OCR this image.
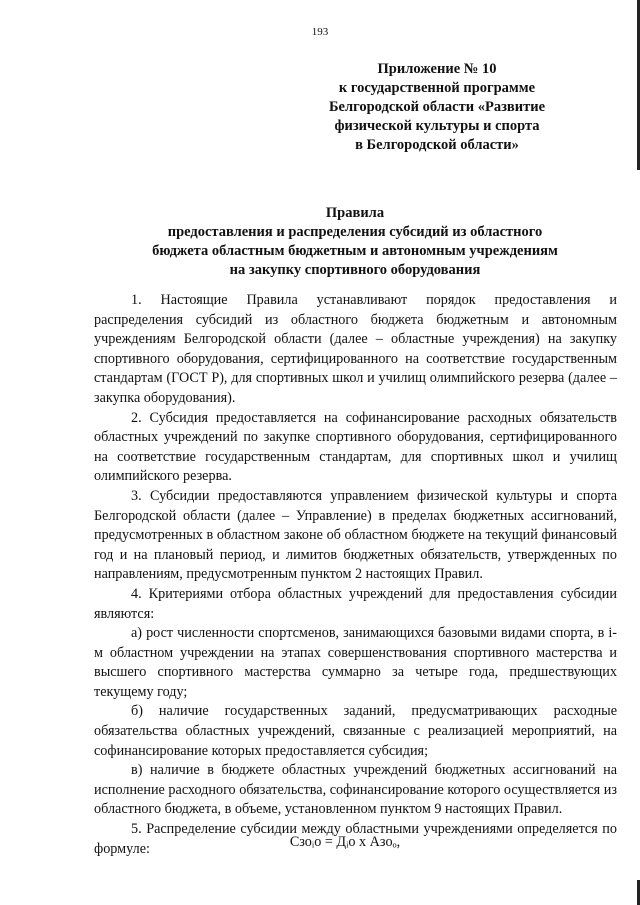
193
Приложение № 10
к государственной программе
Белгородской области «Развитие
физической культуры и спорта
в Белгородской области»
Правила
предоставления и распределения субсидий из областного
бюджета областным бюджетным и автономным учреждениям
на закупку спортивного оборудования

1. Настоящие Правила устанавливают порядок предоставления и распределения субсидий из областного бюджета бюджетным и автономным учреждениям Белгородской области (далее – областные учреждения) на закупку спортивного оборудования, сертифицированного на соответствие государственным стандартам (ГОСТ Р), для спортивных школ и училищ олимпийского резерва (далее – закупка оборудования).

2. Субсидия предоставляется на софинансирование расходных обязательств областных учреждений по закупке спортивного оборудования, сертифицированного на соответствие государственным стандартам, для спортивных школ и училищ олимпийского резерва.

3. Субсидии предоставляются управлением физической культуры и спорта Белгородской области (далее – Управление) в пределах бюджетных ассигнований, предусмотренных в областном законе об областном бюджете на текущий финансовый год и на плановый период, и лимитов бюджетных обязательств, утвержденных по направлениям, предусмотренным пунктом 2 настоящих Правил.

4. Критериями отбора областных учреждений для предоставления субсидии являются:

а) рост численности спортсменов, занимающихся базовыми видами спорта, в i-м областном учреждении на этапах совершенствования спортивного мастерства и высшего спортивного мастерства суммарно за четыре года, предшествующих текущему году;

б) наличие государственных заданий, предусматривающих расходные обязательства областных учреждений, связанные с реализацией мероприятий, на софинансирование которых предоставляется субсидия;

в) наличие в бюджете областных учреждений бюджетных ассигнований на исполнение расходного обязательства, софинансирование которого осуществляется из областного бюджета, в объеме, установленном пунктом 9 настоящих Правил.

5. Распределение субсидии между областными учреждениями определяется по формуле:	Сзоᵢо = Дᵢо х Азоₒ,
